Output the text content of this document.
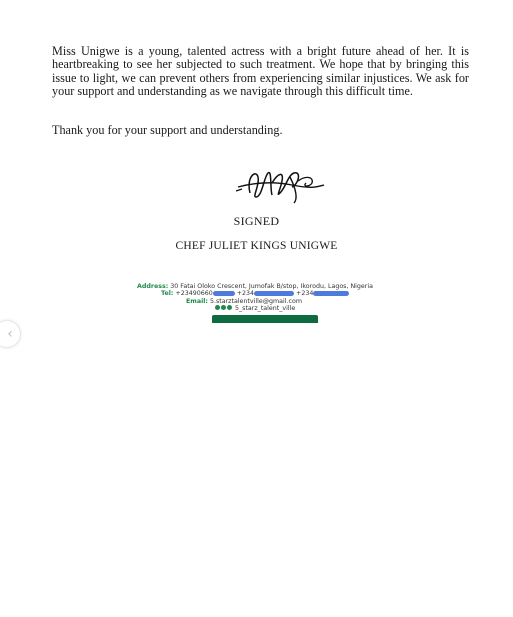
Miss Unigwe is a young, talented actress with a bright future ahead of her. It is heartbreaking to see her subjected to such treatment. We hope that by bringing this issue to light, we can prevent others from experiencing similar injustices. We ask for your support and understanding as we navigate through this difficult time.

Thank you for your support and understanding.

SIGNED
CHEF JULIET KINGS UNIGWE
Address: 30 Fatai Oloko Crescent, Jumofak B/stop, Ikorodu, Lagos, Nigeria
Tel: +23490660	+234	+234
Email: 5.starztalentville@gmail.com
5_starz_talent_ville
‹
